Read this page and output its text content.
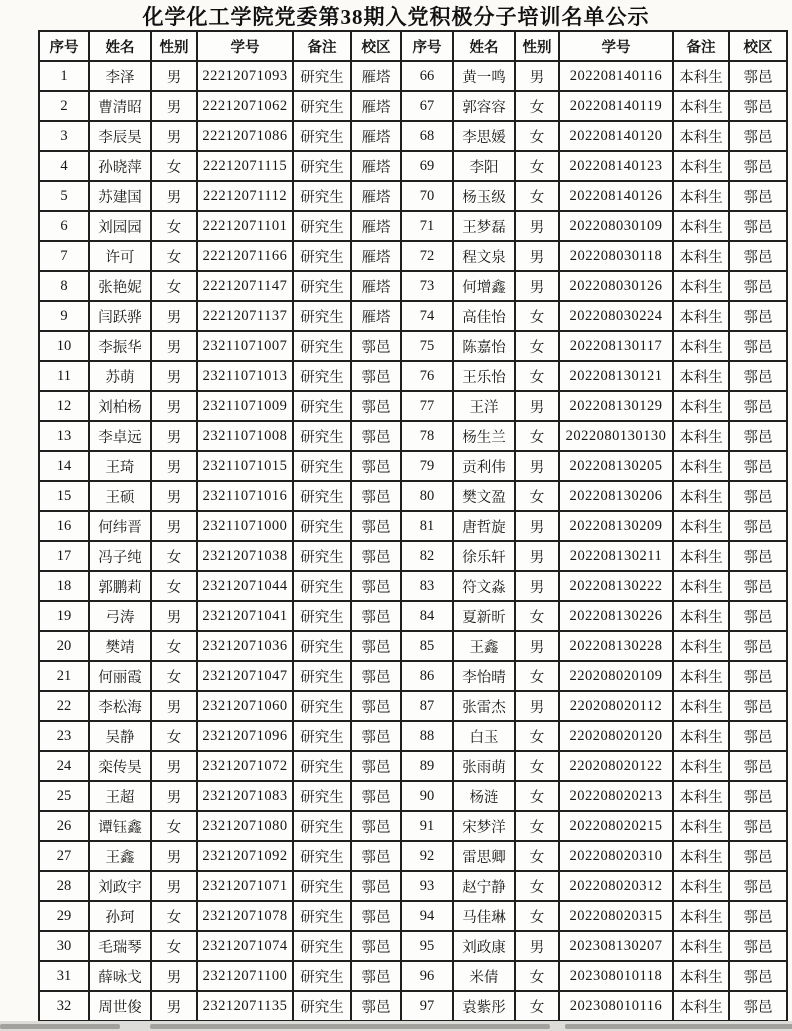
化学化工学院党委第38期入党积极分子培训名单公示
序号	姓名	性别	学号	备注	校区	序号	姓名	性别	学号	备注	校区
1	李泽	男	22212071093	研究生	雁塔	66	黄一鸣	男	202208140116	本科生	鄠邑
2	曹清昭	男	22212071062	研究生	雁塔	67	郭容容	女	202208140119	本科生	鄠邑
3	李辰昊	男	22212071086	研究生	雁塔	68	李思媛	女	202208140120	本科生	鄠邑
4	孙晓萍	女	22212071115	研究生	雁塔	69	李阳	女	202208140123	本科生	鄠邑
5	苏建国	男	22212071112	研究生	雁塔	70	杨玉级	女	202208140126	本科生	鄠邑
6	刘园园	女	22212071101	研究生	雁塔	71	王梦磊	男	202208030109	本科生	鄠邑
7	许可	女	22212071166	研究生	雁塔	72	程文泉	男	202208030118	本科生	鄠邑
8	张艳妮	女	22212071147	研究生	雁塔	73	何增鑫	男	202208030126	本科生	鄠邑
9	闫跃骅	男	22212071137	研究生	雁塔	74	高佳怡	女	202208030224	本科生	鄠邑
10	李振华	男	23211071007	研究生	鄠邑	75	陈嘉怡	女	202208130117	本科生	鄠邑
11	苏萌	男	23211071013	研究生	鄠邑	76	王乐怡	女	202208130121	本科生	鄠邑
12	刘柏杨	男	23211071009	研究生	鄠邑	77	王洋	男	202208130129	本科生	鄠邑
13	李卓远	男	23211071008	研究生	鄠邑	78	杨生兰	女	2022080130130	本科生	鄠邑
14	王琦	男	23211071015	研究生	鄠邑	79	贡利伟	男	202208130205	本科生	鄠邑
15	王硕	男	23211071016	研究生	鄠邑	80	樊文盈	女	202208130206	本科生	鄠邑
16	何纬晋	男	23211071000	研究生	鄠邑	81	唐哲旋	男	202208130209	本科生	鄠邑
17	冯子纯	女	23212071038	研究生	鄠邑	82	徐乐轩	男	202208130211	本科生	鄠邑
18	郭鹏莉	女	23212071044	研究生	鄠邑	83	符文淼	男	202208130222	本科生	鄠邑
19	弓涛	男	23212071041	研究生	鄠邑	84	夏新昕	女	202208130226	本科生	鄠邑
20	樊靖	女	23212071036	研究生	鄠邑	85	王鑫	男	202208130228	本科生	鄠邑
21	何丽霞	女	23212071047	研究生	鄠邑	86	李怡晴	女	220208020109	本科生	鄠邑
22	李松海	男	23212071060	研究生	鄠邑	87	张雷杰	男	220208020112	本科生	鄠邑
23	吴静	女	23212071096	研究生	鄠邑	88	白玉	女	220208020120	本科生	鄠邑
24	栾传昊	男	23212071072	研究生	鄠邑	89	张雨萌	女	220208020122	本科生	鄠邑
25	王超	男	23212071083	研究生	鄠邑	90	杨涟	女	202208020213	本科生	鄠邑
26	谭钰鑫	女	23212071080	研究生	鄠邑	91	宋梦洋	女	202208020215	本科生	鄠邑
27	王鑫	男	23212071092	研究生	鄠邑	92	雷思卿	女	202208020310	本科生	鄠邑
28	刘政宇	男	23212071071	研究生	鄠邑	93	赵宁静	女	202208020312	本科生	鄠邑
29	孙珂	女	23212071078	研究生	鄠邑	94	马佳琳	女	202208020315	本科生	鄠邑
30	毛瑞琴	女	23212071074	研究生	鄠邑	95	刘政康	男	202308130207	本科生	鄠邑
31	薛咏戈	男	23212071100	研究生	鄠邑	96	米倩	女	202308010118	本科生	鄠邑
32	周世俊	男	23212071135	研究生	鄠邑	97	袁紫彤	女	202308010116	本科生	鄠邑
